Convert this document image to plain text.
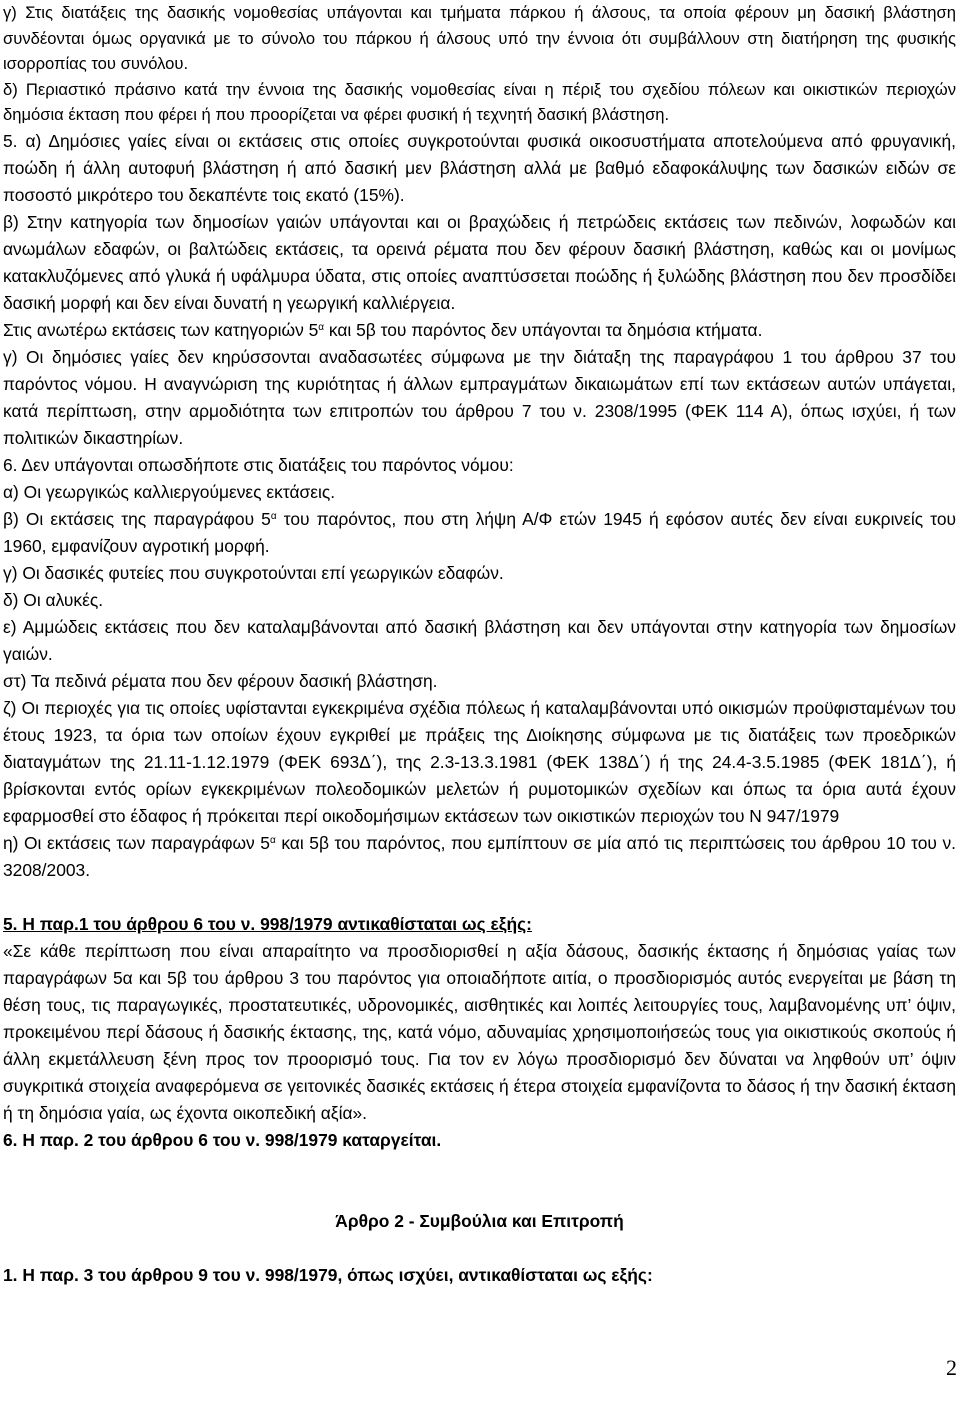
γ) Στις διατάξεις της δασικής νομοθεσίας υπάγονται και τμήματα πάρκου ή άλσους, τα οποία φέρουν μη δασική βλάστηση συνδέονται όμως οργανικά με το σύνολο του πάρκου ή άλσους υπό την έννοια ότι συμβάλλουν στη διατήρηση της φυσικής ισορροπίας του συνόλου.

δ) Περιαστικό πράσινο κατά την έννοια της δασικής νομοθεσίας είναι η πέριξ του σχεδίου πόλεων και οικιστικών περιοχών δημόσια έκταση που φέρει ή που προορίζεται να φέρει φυσική ή τεχνητή δασική βλάστηση.

5. α) Δημόσιες γαίες είναι οι εκτάσεις στις οποίες συγκροτούνται φυσικά οικοσυστήματα αποτελούμενα από φρυγανική, ποώδη ή άλλη αυτοφυή βλάστηση ή από δασική μεν βλάστηση αλλά με βαθμό εδαφοκάλυψης των δασικών ειδών σε ποσοστό μικρότερο του δεκαπέντε τοις εκατό (15%).

β) Στην κατηγορία των δημοσίων γαιών υπάγονται και οι βραχώδεις ή πετρώδεις εκτάσεις των πεδινών, λοφωδών και ανωμάλων εδαφών, οι βαλτώδεις εκτάσεις, τα ορεινά ρέματα που δεν φέρουν δασική βλάστηση, καθώς και οι μονίμως κατακλυζόμενες από γλυκά ή υφάλμυρα ύδατα, στις οποίες αναπτύσσεται ποώδης ή ξυλώδης βλάστηση που δεν προσδίδει δασική μορφή και δεν είναι δυνατή η γεωργική καλλιέργεια.

Στις ανωτέρω εκτάσεις των κατηγοριών $5^\alpha$ και 5β του παρόντος δεν υπάγονται τα δημόσια κτήματα.

γ) Οι δημόσιες γαίες δεν κηρύσσονται αναδασωτέες σύμφωνα με την διάταξη της παραγράφου 1 του άρθρου 37 του παρόντος νόμου. Η αναγνώριση της κυριότητας ή άλλων εμπραγμάτων δικαιωμάτων επί των εκτάσεων αυτών υπάγεται, κατά περίπτωση, στην αρμοδιότητα των επιτροπών του άρθρου 7 του ν. 2308/1995 (ΦΕΚ 114 Α), όπως ισχύει, ή των πολιτικών δικαστηρίων.

6. Δεν υπάγονται οπωσδήποτε στις διατάξεις του παρόντος νόμου:

α) Οι γεωργικώς καλλιεργούμενες εκτάσεις.

β) Οι εκτάσεις της παραγράφου $5^\alpha$ του παρόντος, που στη λήψη Α/Φ ετών 1945 ή εφόσον αυτές δεν είναι ευκρινείς του 1960, εμφανίζουν αγροτική μορφή.

γ) Οι δασικές φυτείες που συγκροτούνται επί γεωργικών εδαφών.

δ) Οι αλυκές.

ε) Αμμώδεις εκτάσεις που δεν καταλαμβάνονται από δασική βλάστηση και δεν υπάγονται στην κατηγορία των δημοσίων γαιών.

στ) Τα πεδινά ρέματα που δεν φέρουν δασική βλάστηση.

ζ) Οι περιοχές για τις οποίες υφίστανται εγκεκριμένα σχέδια πόλεως ή καταλαμβάνονται υπό οικισμών προϋφισταμένων του έτους 1923, τα όρια των οποίων έχουν εγκριθεί με πράξεις της Διοίκησης σύμφωνα με τις διατάξεις των προεδρικών διαταγμάτων της 21.11-1.12.1979 (ΦΕΚ 693Δ΄), της 2.3-13.3.1981 (ΦΕΚ 138Δ΄) ή της 24.4-3.5.1985 (ΦΕΚ 181Δ΄), ή βρίσκονται εντός ορίων εγκεκριμένων πολεοδομικών μελετών ή ρυμοτομικών σχεδίων και όπως τα όρια αυτά έχουν εφαρμοσθεί στο έδαφος ή πρόκειται περί οικοδομήσιμων εκτάσεων των οικιστικών περιοχών του Ν 947/1979

η) Οι εκτάσεις των παραγράφων $5^\alpha$ και 5β του παρόντος, που εμπίπτουν σε μία από τις περιπτώσεις του άρθρου 10 του ν. 3208/2003.

5. Η παρ.1 του άρθρου 6 του ν. 998/1979 αντικαθίσταται ως εξής:

«Σε κάθε περίπτωση που είναι απαραίτητο να προσδιορισθεί η αξία δάσους, δασικής έκτασης ή δημόσιας γαίας των παραγράφων 5α και 5β του άρθρου 3 του παρόντος για οποιαδήποτε αιτία, ο προσδιορισμός αυτός ενεργείται με βάση τη θέση τους, τις παραγωγικές, προστατευτικές, υδρονομικές, αισθητικές και λοιπές λειτουργίες τους, λαμβανομένης υπ’ όψιν, προκειμένου περί δάσους ή δασικής έκτασης, της, κατά νόμο, αδυναμίας χρησιμοποιήσεώς τους για οικιστικούς σκοπούς ή άλλη εκμετάλλευση ξένη προς τον προορισμό τους. Για τον εν λόγω προσδιορισμό δεν δύναται να ληφθούν υπ’ όψιν συγκριτικά στοιχεία αναφερόμενα σε γειτονικές δασικές εκτάσεις ή έτερα στοιχεία εμφανίζοντα το δάσος ή την δασική έκταση ή τη δημόσια γαία, ως έχοντα οικοπεδική αξία».

6. Η παρ. 2 του άρθρου 6 του ν. 998/1979 καταργείται.

Άρθρο 2 - Συμβούλια και Επιτροπή

1. Η παρ. 3 του άρθρου 9 του ν. 998/1979, όπως ισχύει, αντικαθίσταται ως εξής:

2
